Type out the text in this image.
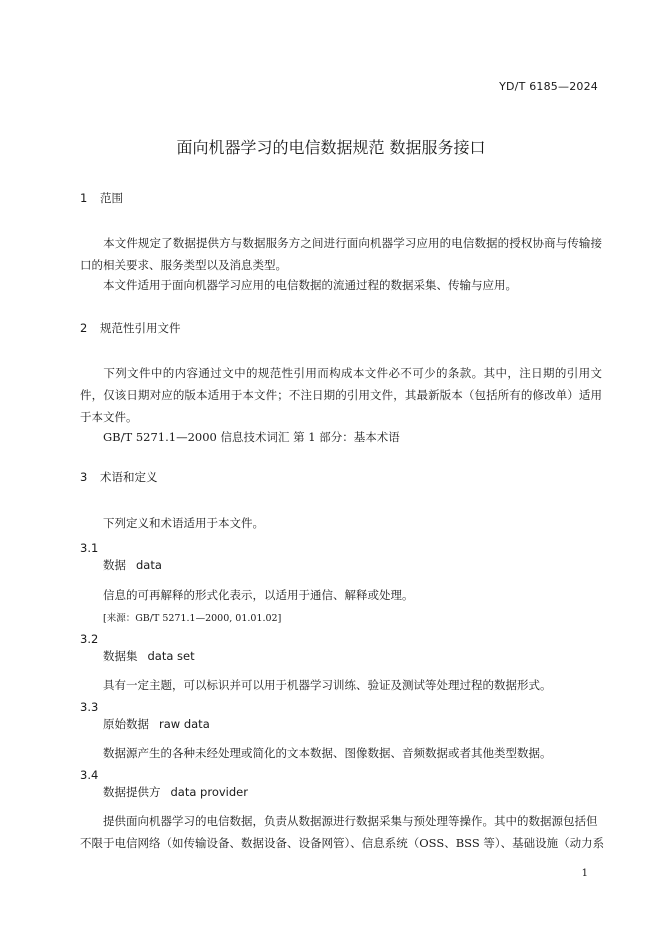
YD/T 6185—2024
面向机器学习的电信数据规范 数据服务接口
1 范围
本文件规定了数据提供方与数据服务方之间进行面向机器学习应用的电信数据的授权协商与传输接口的相关要求、服务类型以及消息类型。
本文件适用于面向机器学习应用的电信数据的流通过程的数据采集、传输与应用。
2 规范性引用文件
下列文件中的内容通过文中的规范性引用而构成本文件必不可少的条款。其中，注日期的引用文件，仅该日期对应的版本适用于本文件；不注日期的引用文件，其最新版本（包括所有的修改单）适用于本文件。
GB/T 5271.1—2000 信息技术词汇 第 1 部分：基本术语
3 术语和定义
下列定义和术语适用于本文件。
3.1
数据 data
信息的可再解释的形式化表示，以适用于通信、解释或处理。
[来源：GB/T 5271.1—2000, 01.01.02]
3.2
数据集 data set
具有一定主题，可以标识并可以用于机器学习训练、验证及测试等处理过程的数据形式。
3.3
原始数据 raw data
数据源产生的各种未经处理或简化的文本数据、图像数据、音频数据或者其他类型数据。
3.4
数据提供方 data provider
提供面向机器学习的电信数据，负责从数据源进行数据采集与预处理等操作。其中的数据源包括但
不限于电信网络（如传输设备、数据设备、设备网管）、信息系统（OSS、BSS 等）、基础设施（动力系
1
